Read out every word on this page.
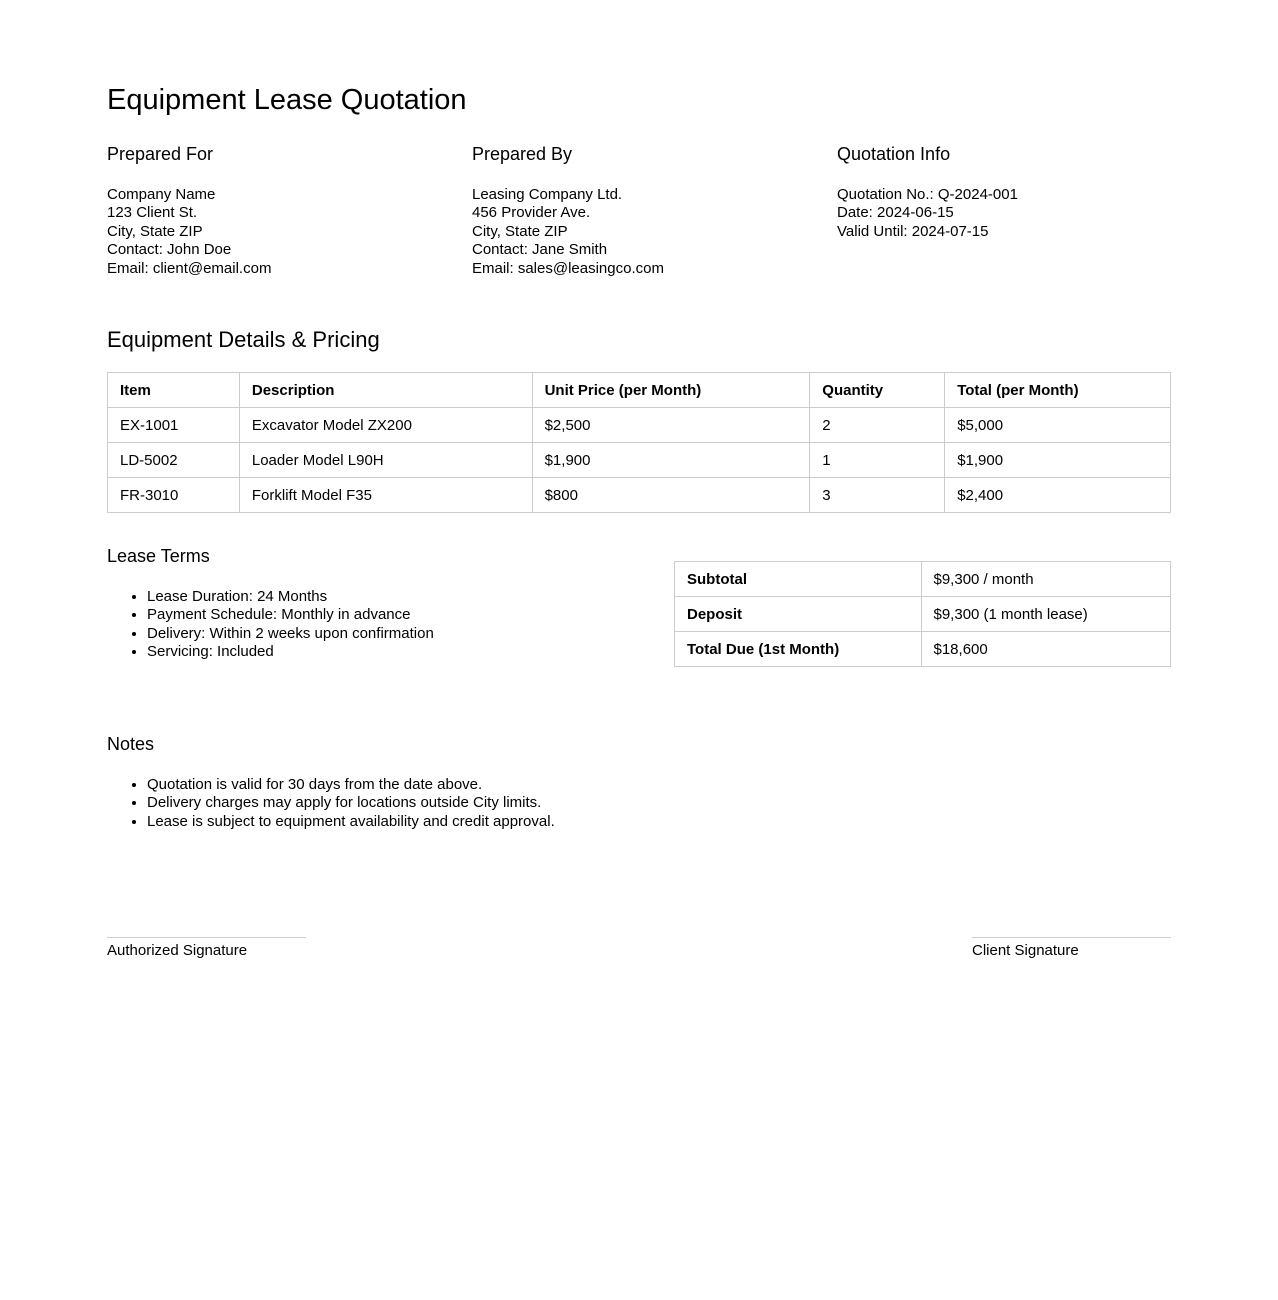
Equipment Lease Quotation
Prepared For
Company Name
123 Client St.
City, State ZIP
Contact: John Doe
Email: client@email.com
Prepared By
Leasing Company Ltd.
456 Provider Ave.
City, State ZIP
Contact: Jane Smith
Email: sales@leasingco.com
Quotation Info
Quotation No.: Q-2024-001
Date: 2024-06-15
Valid Until: 2024-07-15
Equipment Details & Pricing
Item	Description	Unit Price (per Month)	Quantity	Total (per Month)
EX-1001	Excavator Model ZX200	$2,500	2	$5,000
LD-5002	Loader Model L90H	$1,900	1	$1,900
FR-3010	Forklift Model F35	$800	3	$2,400
Lease Terms
• Lease Duration: 24 Months
• Payment Schedule: Monthly in advance
• Delivery: Within 2 weeks upon confirmation
• Servicing: Included
Subtotal	$9,300 / month
Deposit	$9,300 (1 month lease)
Total Due (1st Month)	$18,600
Notes
• Quotation is valid for 30 days from the date above.
• Delivery charges may apply for locations outside City limits.
• Lease is subject to equipment availability and credit approval.
Authorized Signature	Client Signature
